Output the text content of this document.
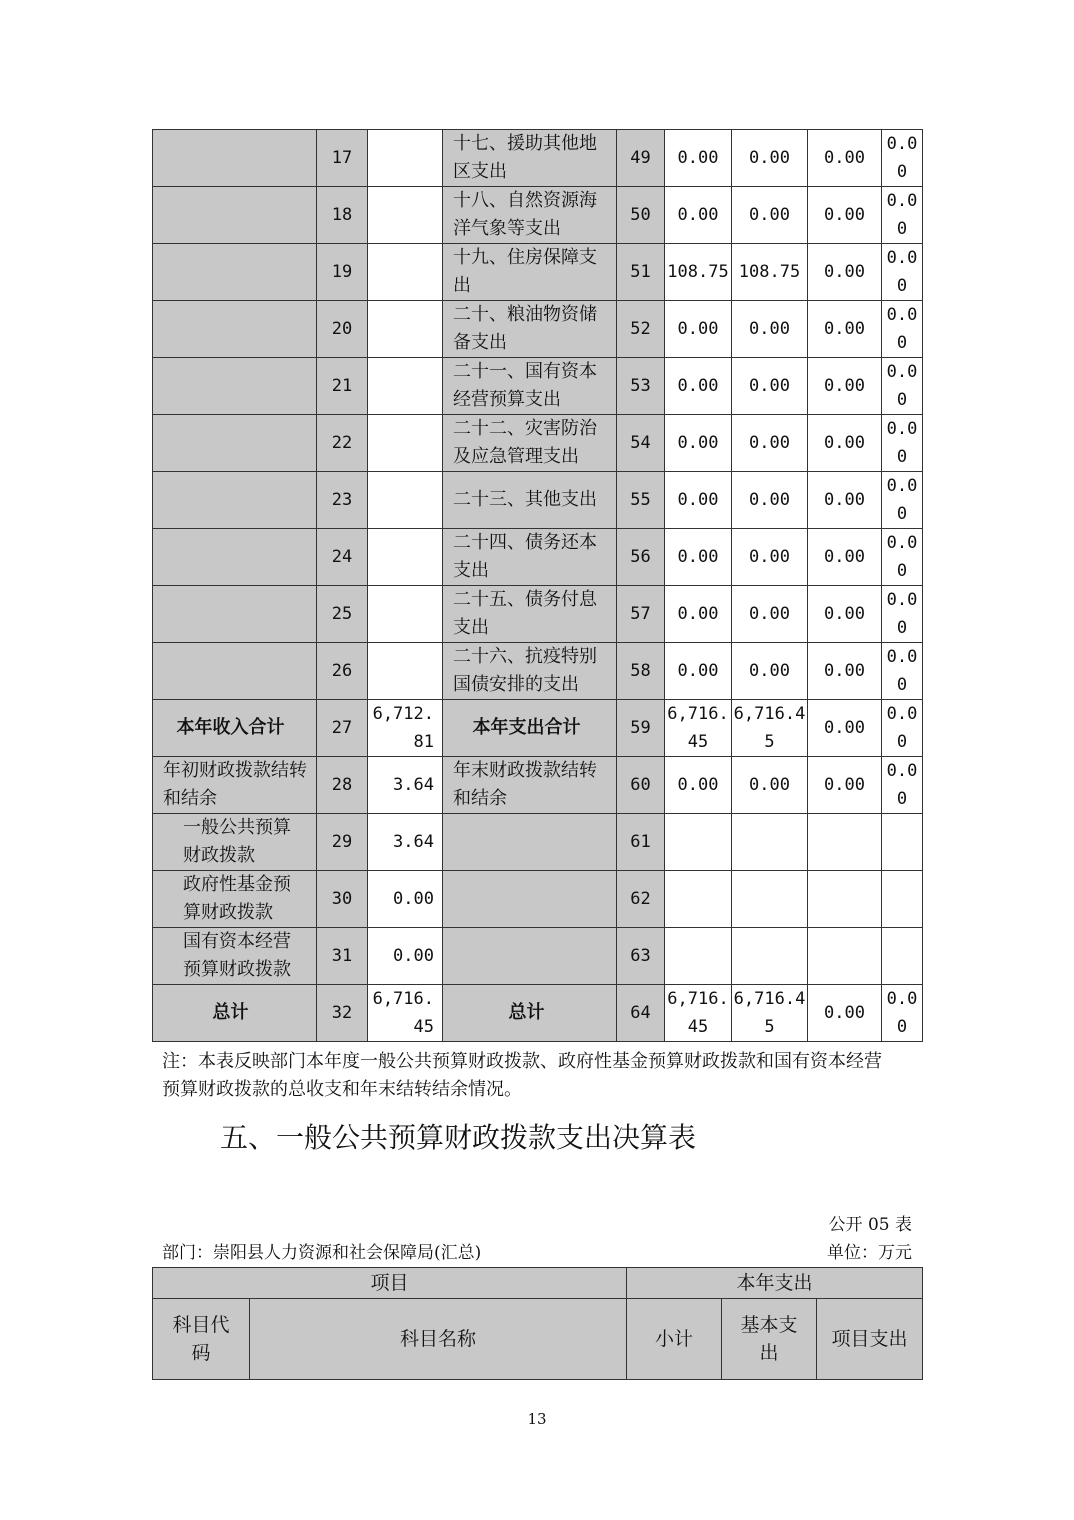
	17		十七、援助其他地区支出	49	0.00	0.00	0.00	0.00
	18		十八、自然资源海洋气象等支出	50	0.00	0.00	0.00	0.00
	19		十九、住房保障支出	51	108.75	108.75	0.00	0.00
	20		二十、粮油物资储备支出	52	0.00	0.00	0.00	0.00
	21		二十一、国有资本经营预算支出	53	0.00	0.00	0.00	0.00
	22		二十二、灾害防治及应急管理支出	54	0.00	0.00	0.00	0.00
	23		二十三、其他支出	55	0.00	0.00	0.00	0.00
	24		二十四、债务还本支出	56	0.00	0.00	0.00	0.00
	25		二十五、债务付息支出	57	0.00	0.00	0.00	0.00
	26		二十六、抗疫特别国债安排的支出	58	0.00	0.00	0.00	0.00
本年收入合计	27	6,712.81	本年支出合计	59	6,716.45	6,716.45	0.00	0.00
年初财政拨款结转和结余	28	3.64	年末财政拨款结转和结余	60	0.00	0.00	0.00	0.00
一般公共预算财政拨款	29	3.64		61				
政府性基金预算财政拨款	30	0.00		62				
国有资本经营预算财政拨款	31	0.00		63				
总计	32	6,716.45	总计	64	6,716.45	6,716.45	0.00	0.00
注：本表反映部门本年度一般公共预算财政拨款、政府性基金预算财政拨款和国有资本经营预算财政拨款的总收支和年末结转结余情况。
五、一般公共预算财政拨款支出决算表
公开 05 表
部门：崇阳县人力资源和社会保障局(汇总)	单位：万元
项目		本年支出		
科目代码	科目名称	小计	基本支出	项目支出
13
